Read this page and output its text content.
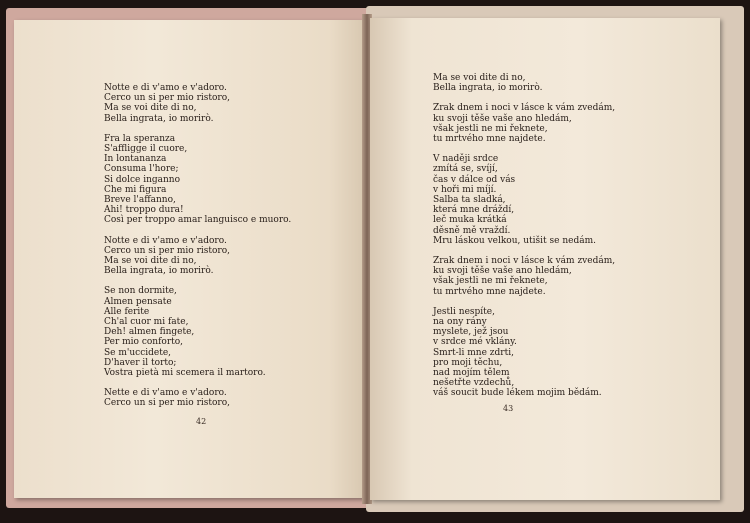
Notte e di v'amo e v'adoro.
Cerco un si per mio ristoro,
Ma se voi dite di no,
Bella ingrata, io morirò.
Fra la speranza
S'affligge il cuore,
In lontananza
Consuma l'hore;
Si dolce inganno
Che mi figura
Breve l'affanno,
Ahi! troppo dura!
Così per troppo amar languisco e muoro.
Notte e di v'amo e v'adoro.
Cerco un si per mio ristoro,
Ma se voi dite di no,
Bella ingrata, io morirò.
Se non dormite,
Almen pensate
Alle ferite
Ch'al cuor mi fate,
Deh! almen fingete,
Per mio conforto,
Se m'uccidete,
D'haver il torto;
Vostra pietà mi scemera il martoro.
Nette e di v'amo e v'adoro.
Cerco un si per mio ristoro,
42
Ma se voi dite di no,
Bella ingrata, io morirò.
Zrak dnem i noci v lásce k vám zvedám,
ku svoji těše vaše ano hledám,
však jestli ne mi řeknete,
tu mrtvého mne najdete.
V naději srdce
zmítá se, svíjí,
čas v dálce od vás
v hoři mi míjí.
Salba ta sladká,
která mne dráždí,
leč muka krátká
děsně mě vraždí.
Mru láskou velkou, utišit se nedám.
Zrak dnem i noci v lásce k vám zvedám,
ku svoji těše vaše ano hledám,
však jestli ne mi řeknete,
tu mrtvého mne najdete.
Jestli nespíte,
na ony rány
myslete, jež jsou
v srdce mé vklány.
Smrt-li mne zdrti,
pro moji těchu,
nad mojím tělem
nešetřte vzdechů,
váš soucit bude lékem mojim bědám.
43
